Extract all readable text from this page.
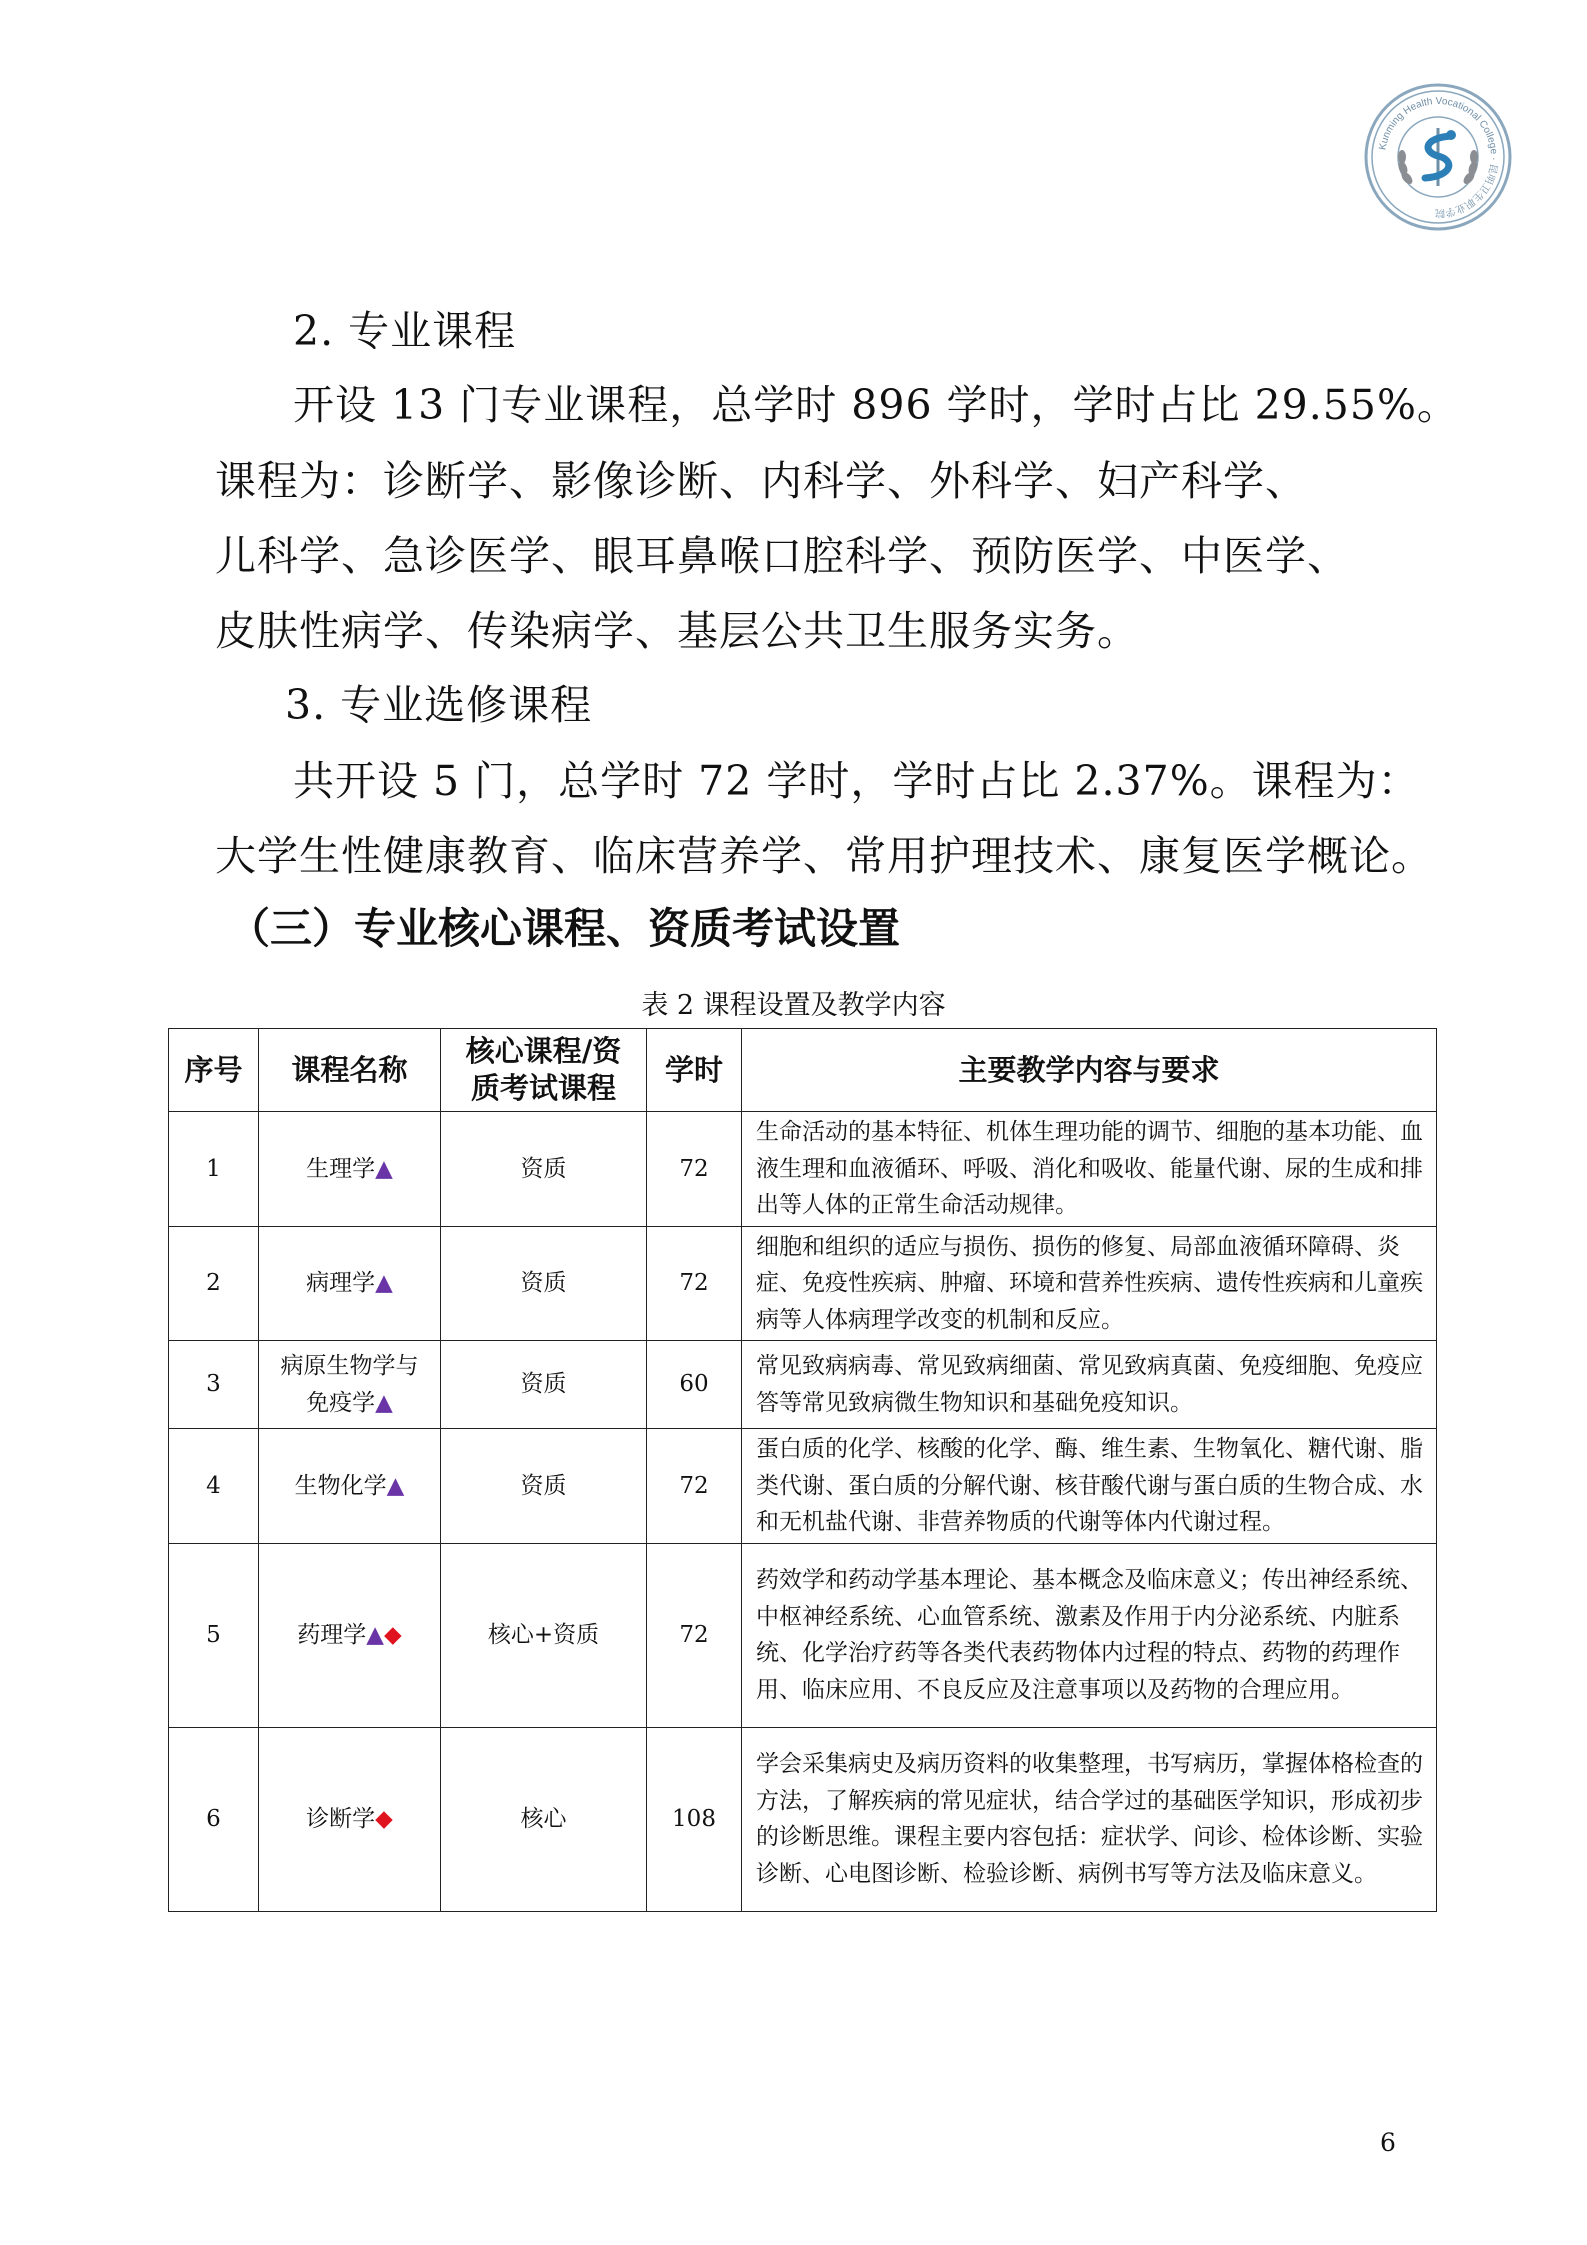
Kunming Health Vocational College · 昆明卫生职业学院

2. 专业课程

开设 13 门专业课程，总学时 896 学时，学时占比 29.55%。

课程为：诊断学、影像诊断、内科学、外科学、妇产科学、

儿科学、急诊医学、眼耳鼻喉口腔科学、预防医学、中医学、

皮肤性病学、传染病学、基层公共卫生服务实务。

3. 专业选修课程

共开设 5 门，总学时 72 学时，学时占比 2.37%。课程为：

大学生性健康教育、临床营养学、常用护理技术、康复医学概论。

（三）专业核心课程、资质考试设置

表 2 课程设置及教学内容

序号	课程名称	核心课程/资
质考试课程	学时	主要教学内容与要求
1	生理学▲	资质	72	生命活动的基本特征、机体生理功能的调节、细胞的基本功能、血液生理和血液循环、呼吸、消化和吸收、能量代谢、尿的生成和排出等人体的正常生命活动规律。
2	病理学▲	资质	72	细胞和组织的适应与损伤、损伤的修复、局部血液循环障碍、炎症、免疫性疾病、肿瘤、环境和营养性疾病、遗传性疾病和儿童疾病等人体病理学改变的机制和反应。
3	病原生物学与
免疫学▲	资质	60	常见致病病毒、常见致病细菌、常见致病真菌、免疫细胞、免疫应答等常见致病微生物知识和基础免疫知识。
4	生物化学▲	资质	72	蛋白质的化学、核酸的化学、酶、维生素、生物氧化、糖代谢、脂类代谢、蛋白质的分解代谢、核苷酸代谢与蛋白质的生物合成、水和无机盐代谢、非营养物质的代谢等体内代谢过程。
5	药理学▲◆	核心+资质	72	药效学和药动学基本理论、基本概念及临床意义；传出神经系统、中枢神经系统、心血管系统、激素及作用于内分泌系统、内脏系统、化学治疗药等各类代表药物体内过程的特点、药物的药理作用、临床应用、不良反应及注意事项以及药物的合理应用。
6	诊断学◆	核心	108	学会采集病史及病历资料的收集整理，书写病历，掌握体格检查的方法，了解疾病的常见症状，结合学过的基础医学知识，形成初步的诊断思维。课程主要内容包括：症状学、问诊、检体诊断、实验诊断、心电图诊断、检验诊断、病例书写等方法及临床意义。

6
